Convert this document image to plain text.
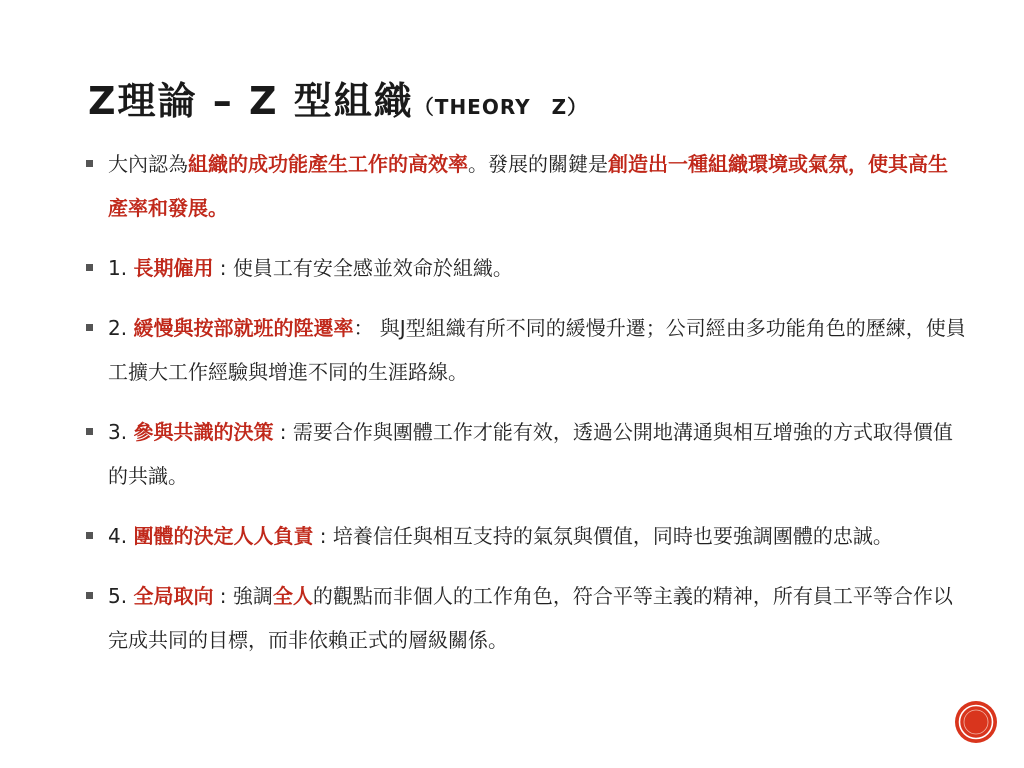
Z理論 – Z 型組織（THEORY　Z）
大內認為組織的成功能產生工作的高效率。發展的關鍵是創造出一種組織環境或氣氛，使其高生產率和發展。
1. 長期僱用 : 使員工有安全感並效命於組織。
2. 緩慢與按部就班的陞遷率： 與J型組織有所不同的緩慢升遷；公司經由多功能角色的歷練，使員工擴大工作經驗與增進不同的生涯路線。
3. 參與共識的決策 : 需要合作與團體工作才能有效，透過公開地溝通與相互增強的方式取得價值的共識。
4. 團體的決定人人負責 : 培養信任與相互支持的氣氛與價值，同時也要強調團體的忠誠。
5. 全局取向 : 強調全人的觀點而非個人的工作角色，符合平等主義的精神，所有員工平等合作以完成共同的目標，而非依賴正式的層級關係。
